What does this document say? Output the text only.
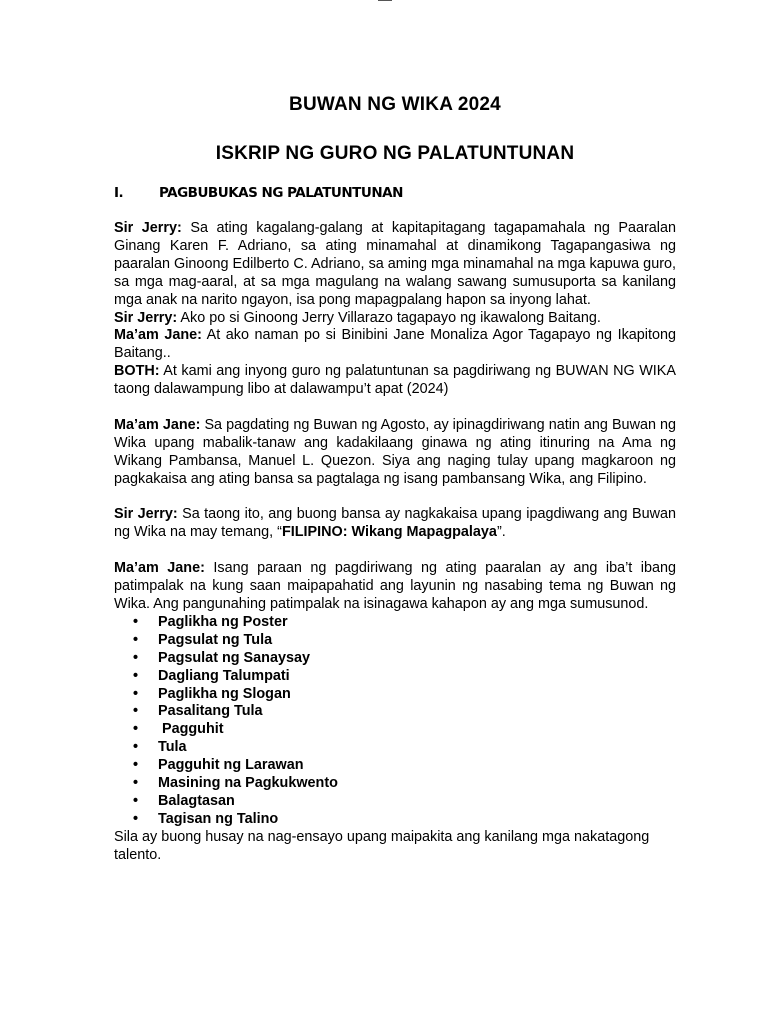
BUWAN NG WIKA 2024
ISKRIP NG GURO NG PALATUNTUNAN
I.	PAGBUBUKAS NG PALATUNTUNAN

Sir Jerry: Sa ating kagalang-galang at kapitapitagang tagapamahala ng Paaralan Ginang Karen F. Adriano, sa ating minamahal at dinamikong Tagapangasiwa ng paaralan Ginoong Edilberto C. Adriano, sa aming mga minamahal na mga kapuwa guro, sa mga mag-aaral, at sa mga magulang na walang sawang sumusuporta sa kanilang mga anak na narito ngayon, isa pong mapagpalang hapon sa inyong lahat.

Sir Jerry: Ako po si Ginoong Jerry Villarazo tagapayo ng ikawalong Baitang.

Ma’am Jane: At ako naman po si Binibini Jane Monaliza Agor Tagapayo ng Ikapitong Baitang..

BOTH: At kami ang inyong guro ng palatuntunan sa pagdiriwang ng BUWAN NG WIKA taong dalawampung libo at dalawampu’t apat (2024)

Ma’am Jane: Sa pagdating ng Buwan ng Agosto, ay ipinagdiriwang natin ang Buwan ng Wika upang mabalik-tanaw ang kadakilaang ginawa ng ating itinuring na Ama ng Wikang Pambansa, Manuel L. Quezon. Siya ang naging tulay upang magkaroon ng pagkakaisa ang ating bansa sa pagtalaga ng isang pambansang Wika, ang Filipino.

Sir Jerry: Sa taong ito, ang buong bansa ay nagkakaisa upang ipagdiwang ang Buwan ng Wika na may temang, “FILIPINO: Wikang Mapagpalaya”.

Ma’am Jane: Isang paraan ng pagdiriwang ng ating paaralan ay ang iba’t ibang patimpalak na kung saan maipapahatid ang layunin ng nasabing tema ng Buwan ng Wika. Ang pangunahing patimpalak na isinagawa kahapon ay ang mga sumusunod.

• Paglikha ng Poster
• Pagsulat ng Tula
• Pagsulat ng Sanaysay
• Dagliang Talumpati
• Paglikha ng Slogan
• Pasalitang Tula
• Pagguhit
• Tula
• Pagguhit ng Larawan
• Masining na Pagkukwento
• Balagtasan
• Tagisan ng Talino

Sila ay buong husay na nag-ensayo upang maipakita ang kanilang mga nakatagong talento.
